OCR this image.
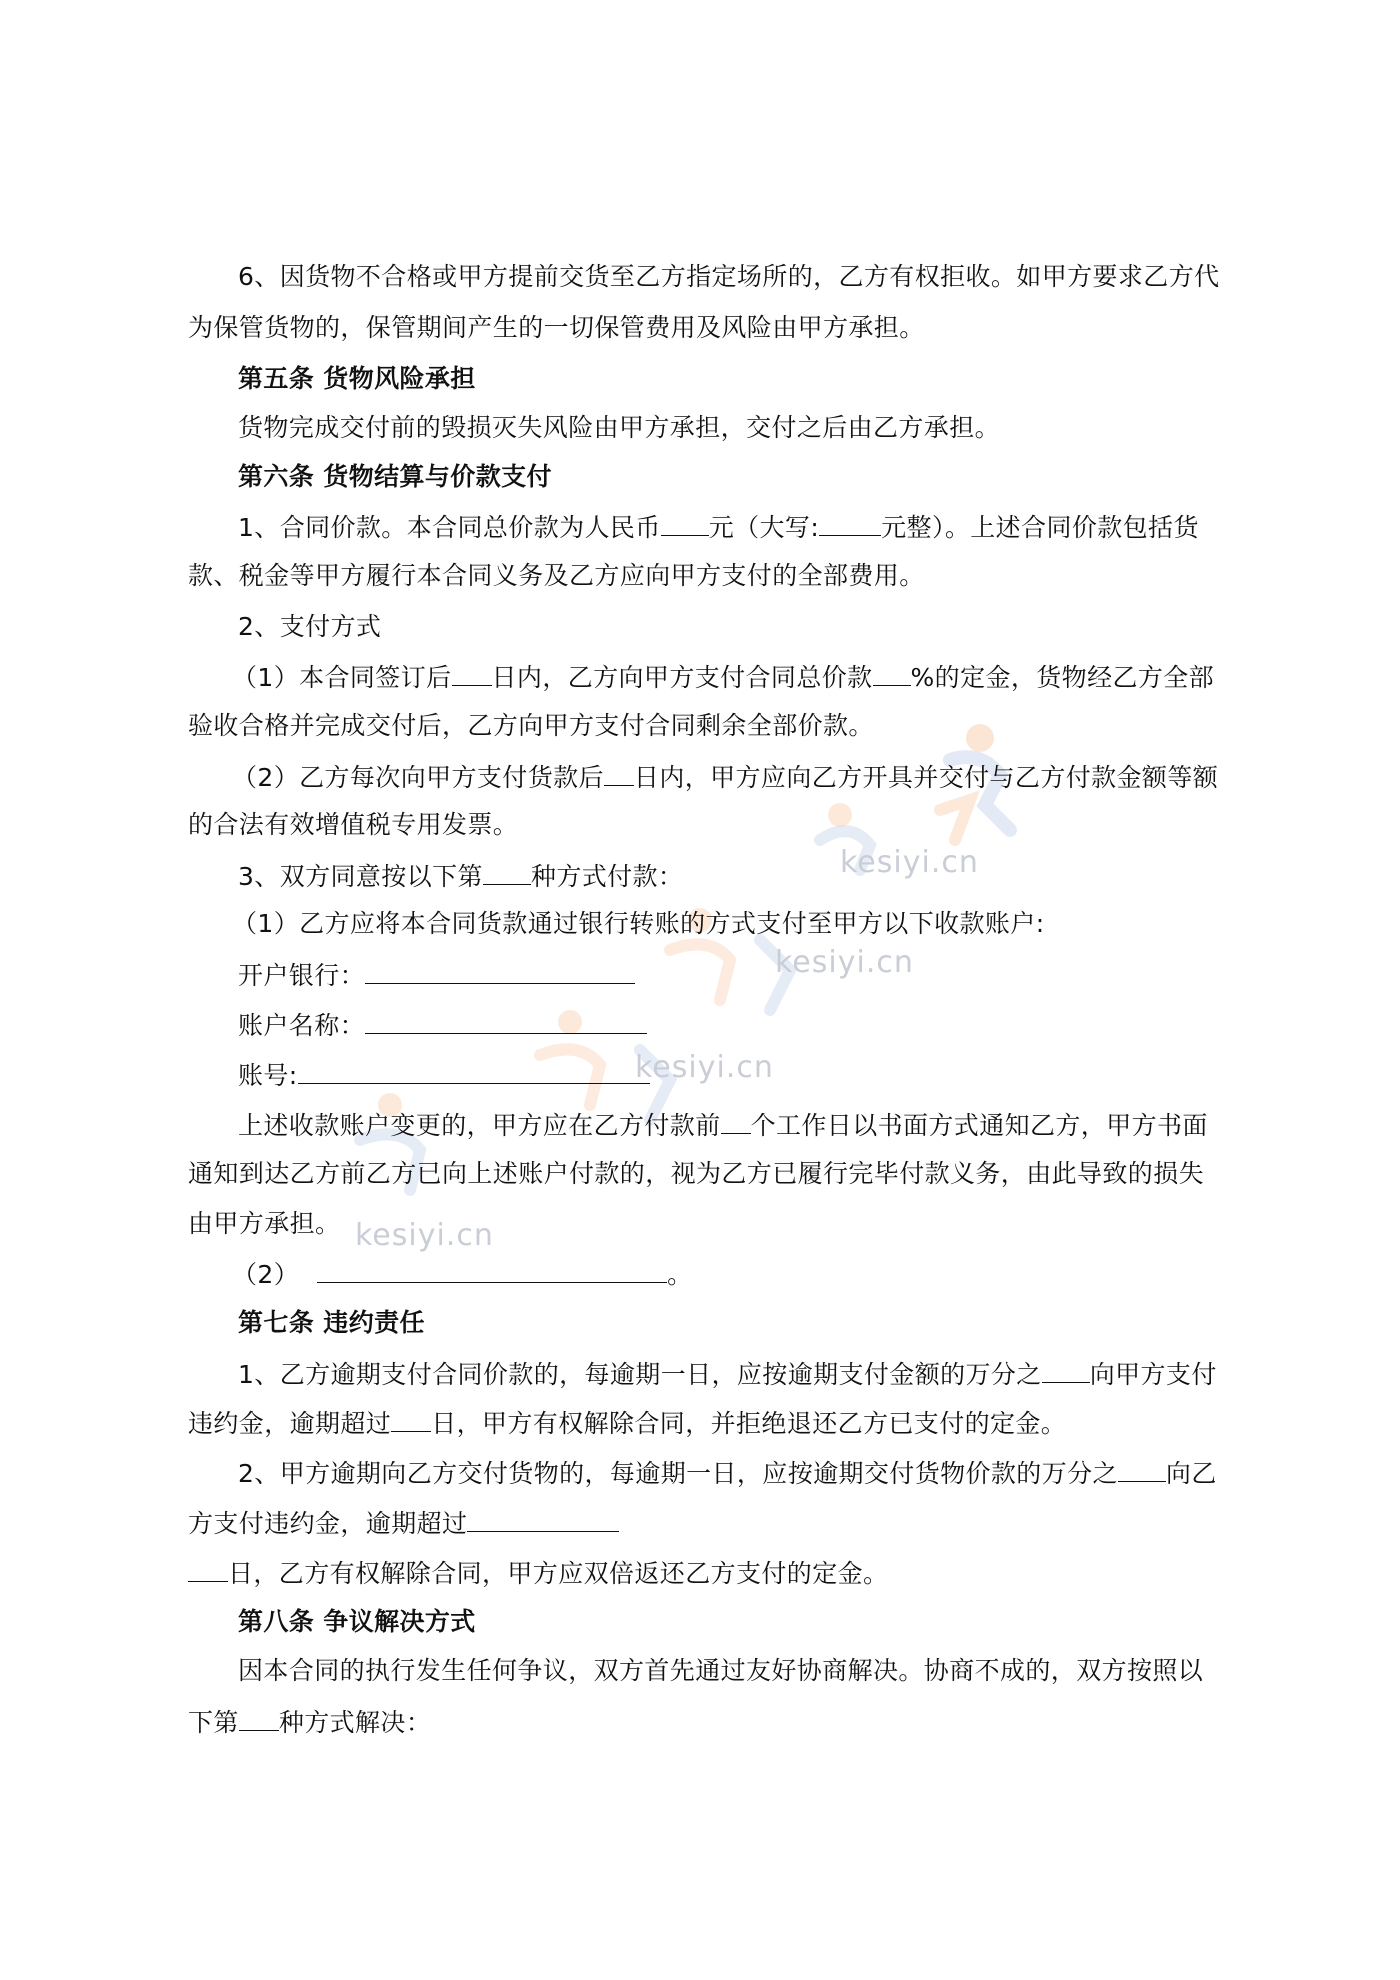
kesiyi.cn
kesiyi.cn
kesiyi.cn
kesiyi.cn
6、因货物不合格或甲方提前交货至乙方指定场所的，乙方有权拒收。如甲方要求乙方代
为保管货物的，保管期间产生的一切保管费用及风险由甲方承担。
第五条 货物风险承担
货物完成交付前的毁损灭失风险由甲方承担，交付之后由乙方承担。
第六条 货物结算与价款支付
1、合同价款。本合同总价款为人民币 元（大写: 元整）。上述合同价款包括货
款、税金等甲方履行本合同义务及乙方应向甲方支付的全部费用。
2、支付方式
（1）本合同签订后 日内，乙方向甲方支付合同总价款 %的定金，货物经乙方全部
验收合格并完成交付后，乙方向甲方支付合同剩余全部价款。
（2）乙方每次向甲方支付货款后 日内，甲方应向乙方开具并交付与乙方付款金额等额
的合法有效增值税专用发票。
3、双方同意按以下第 种方式付款：
（1）乙方应将本合同货款通过银行转账的方式支付至甲方以下收款账户:
开户银行：
账户名称：
账号:
上述收款账户变更的，甲方应在乙方付款前 个工作日以书面方式通知乙方，甲方书面
通知到达乙方前乙方已向上述账户付款的，视为乙方已履行完毕付款义务，由此导致的损失
由甲方承担。
（2）	。
第七条 违约责任
1、乙方逾期支付合同价款的，每逾期一日，应按逾期支付金额的万分之 向甲方支付
违约金，逾期超过 日，甲方有权解除合同，并拒绝退还乙方已支付的定金。
2、甲方逾期向乙方交付货物的，每逾期一日，应按逾期交付货物价款的万分之 向乙
方支付违约金，逾期超过
日，乙方有权解除合同，甲方应双倍返还乙方支付的定金。
第八条 争议解决方式
因本合同的执行发生任何争议，双方首先通过友好协商解决。协商不成的，双方按照以
下第 种方式解决：
